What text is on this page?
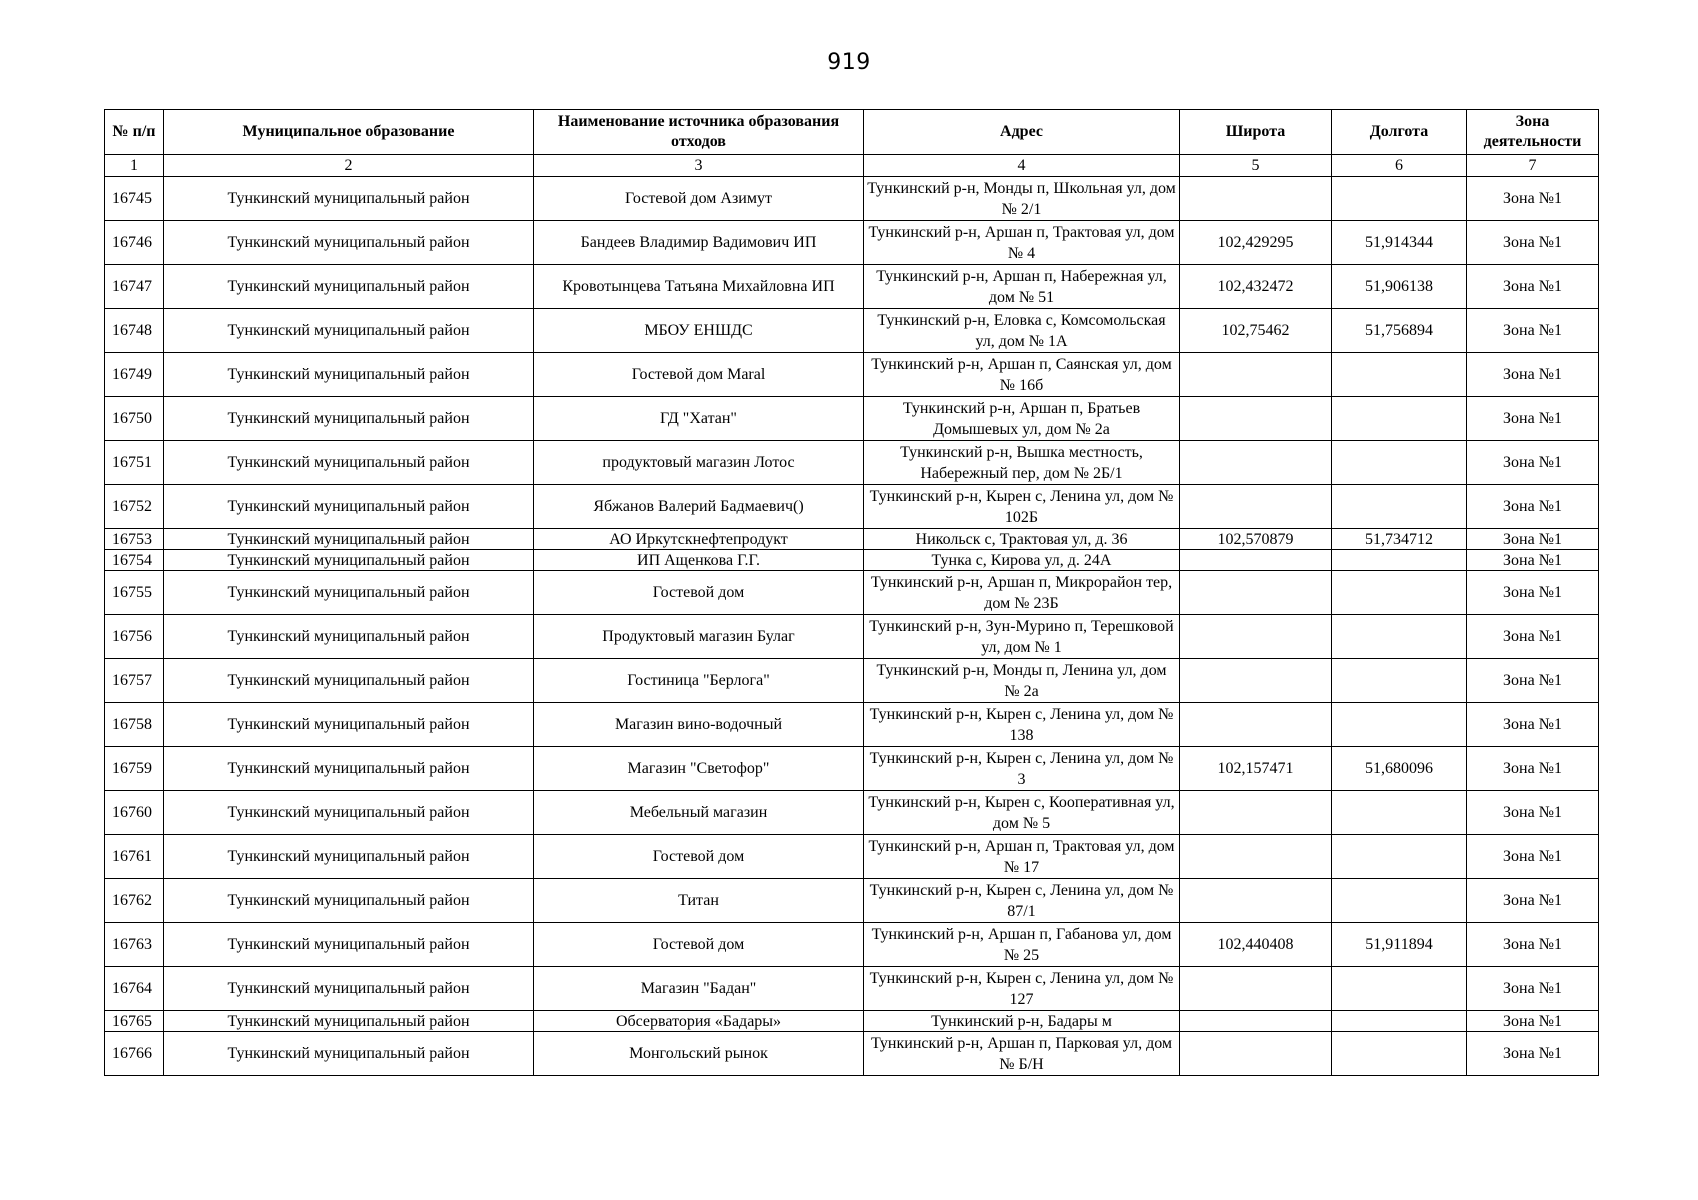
919
№ п/п	Муниципальное образование	Наименование источника образования отходов	Адрес	Широта	Долгота	Зона деятельности
1	2	3	4	5	6	7
16745	Тункинский муниципальный район	Гостевой дом Азимут	Тункинский р-н, Монды п, Школьная ул, дом № 2/1			Зона №1
16746	Тункинский муниципальный район	Бандеев Владимир Вадимович ИП	Тункинский р-н, Аршан п, Трактовая ул, дом № 4	102,429295	51,914344	Зона №1
16747	Тункинский муниципальный район	Кровотынцева Татьяна Михайловна ИП	Тункинский р-н, Аршан п, Набережная ул, дом № 51	102,432472	51,906138	Зона №1
16748	Тункинский муниципальный район	МБОУ ЕНШДС	Тункинский р-н, Еловка с, Комсомольская ул, дом № 1А	102,75462	51,756894	Зона №1
16749	Тункинский муниципальный район	Гостевой дом Maral	Тункинский р-н, Аршан п, Саянская ул, дом № 16б			Зона №1
16750	Тункинский муниципальный район	ГД "Хатан"	Тункинский р-н, Аршан п, Братьев Домышевых ул, дом № 2а			Зона №1
16751	Тункинский муниципальный район	продуктовый магазин Лотос	Тункинский р-н, Вышка местность, Набережный пер, дом № 2Б/1			Зона №1
16752	Тункинский муниципальный район	Ябжанов Валерий Бадмаевич()	Тункинский р-н, Кырен с, Ленина ул, дом № 102Б			Зона №1
16753	Тункинский муниципальный район	АО Иркутскнефтепродукт	Никольск с, Трактовая ул, д. 36	102,570879	51,734712	Зона №1
16754	Тункинский муниципальный район	ИП Ащенкова Г.Г.	Тунка с, Кирова ул, д. 24А			Зона №1
16755	Тункинский муниципальный район	Гостевой дом	Тункинский р-н, Аршан п, Микрорайон тер, дом № 23Б			Зона №1
16756	Тункинский муниципальный район	Продуктовый магазин Булаг	Тункинский р-н, Зун-Мурино п, Терешковой ул, дом № 1			Зона №1
16757	Тункинский муниципальный район	Гостиница "Берлога"	Тункинский р-н, Монды п, Ленина ул, дом № 2а			Зона №1
16758	Тункинский муниципальный район	Магазин вино-водочный	Тункинский р-н, Кырен с, Ленина ул, дом № 138			Зона №1
16759	Тункинский муниципальный район	Магазин "Светофор"	Тункинский р-н, Кырен с, Ленина ул, дом № 3	102,157471	51,680096	Зона №1
16760	Тункинский муниципальный район	Мебельный магазин	Тункинский р-н, Кырен с, Кооперативная ул, дом № 5			Зона №1
16761	Тункинский муниципальный район	Гостевой дом	Тункинский р-н, Аршан п, Трактовая ул, дом № 17			Зона №1
16762	Тункинский муниципальный район	Титан	Тункинский р-н, Кырен с, Ленина ул, дом № 87/1			Зона №1
16763	Тункинский муниципальный район	Гостевой дом	Тункинский р-н, Аршан п, Габанова ул, дом № 25	102,440408	51,911894	Зона №1
16764	Тункинский муниципальный район	Магазин "Бадан"	Тункинский р-н, Кырен с, Ленина ул, дом № 127			Зона №1
16765	Тункинский муниципальный район	Обсерватория «Бадары»	Тункинский р-н, Бадары м			Зона №1
16766	Тункинский муниципальный район	Монгольский рынок	Тункинский р-н, Аршан п, Парковая ул, дом № Б/Н			Зона №1
